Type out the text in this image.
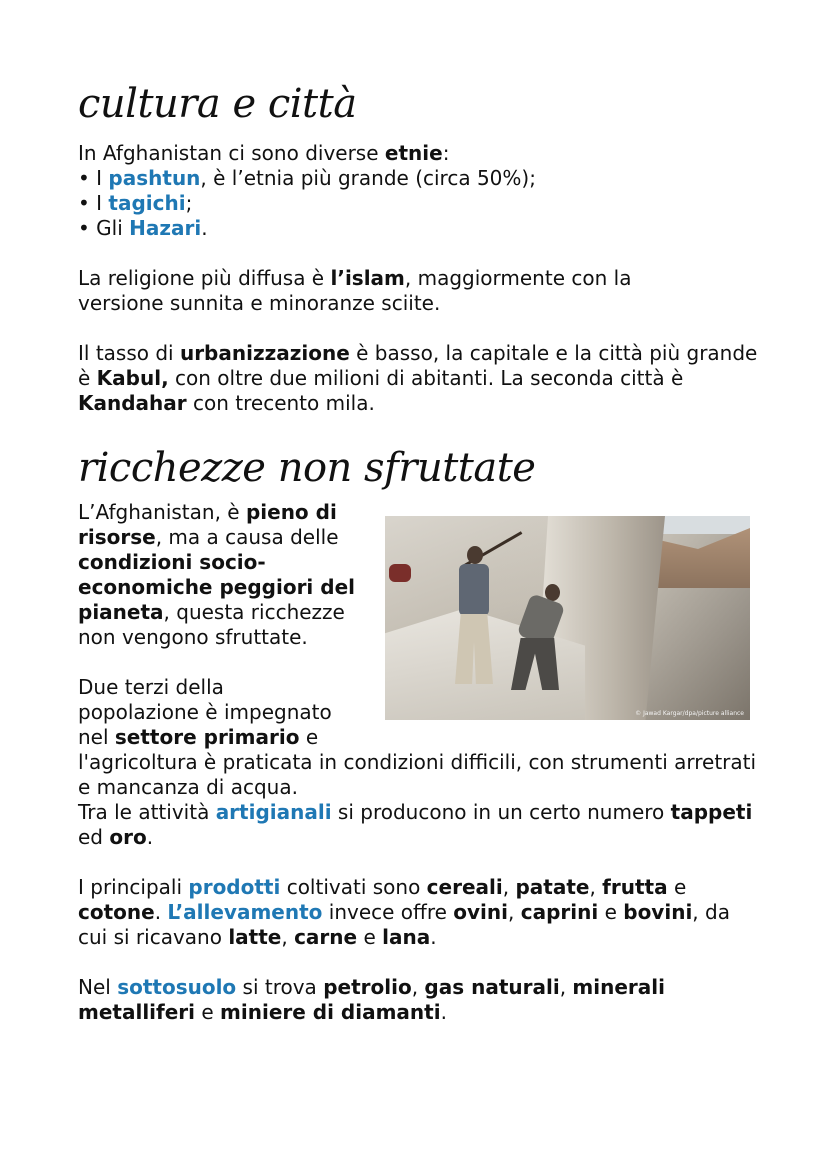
cultura e città

In Afghanistan ci sono diverse etnie:

• I pashtun, è l’etnia più grande (circa 50%);

• I tagichi;

• Gli Hazari.

La religione più diffusa è l’islam, maggiormente con la versione sunnita e minoranze sciite.

Il tasso di urbanizzazione è basso, la capitale e la città più grande è Kabul, con oltre due milioni di abitanti. La seconda città è Kandahar con trecento mila.

ricchezze non sfruttate

L’Afghanistan, è pieno di risorse, ma a causa delle condizioni socio-economiche peggiori del pianeta, questa ricchezze non vengono sfruttate.

© Jawad Kargar/dpa/picture alliance

Due terzi della

popolazione è impegnato

nel settore primario e

l'agricoltura è praticata in condizioni difficili, con strumenti arretrati e mancanza di acqua.
Tra le attività artigianali si producono in un certo numero tappeti ed oro.

I principali prodotti coltivati sono cereali, patate, frutta e cotone. L’allevamento invece offre ovini, caprini e bovini, da cui si ricavano latte, carne e lana.

Nel sottosuolo si trova petrolio, gas naturali, minerali metalliferi e miniere di diamanti.
